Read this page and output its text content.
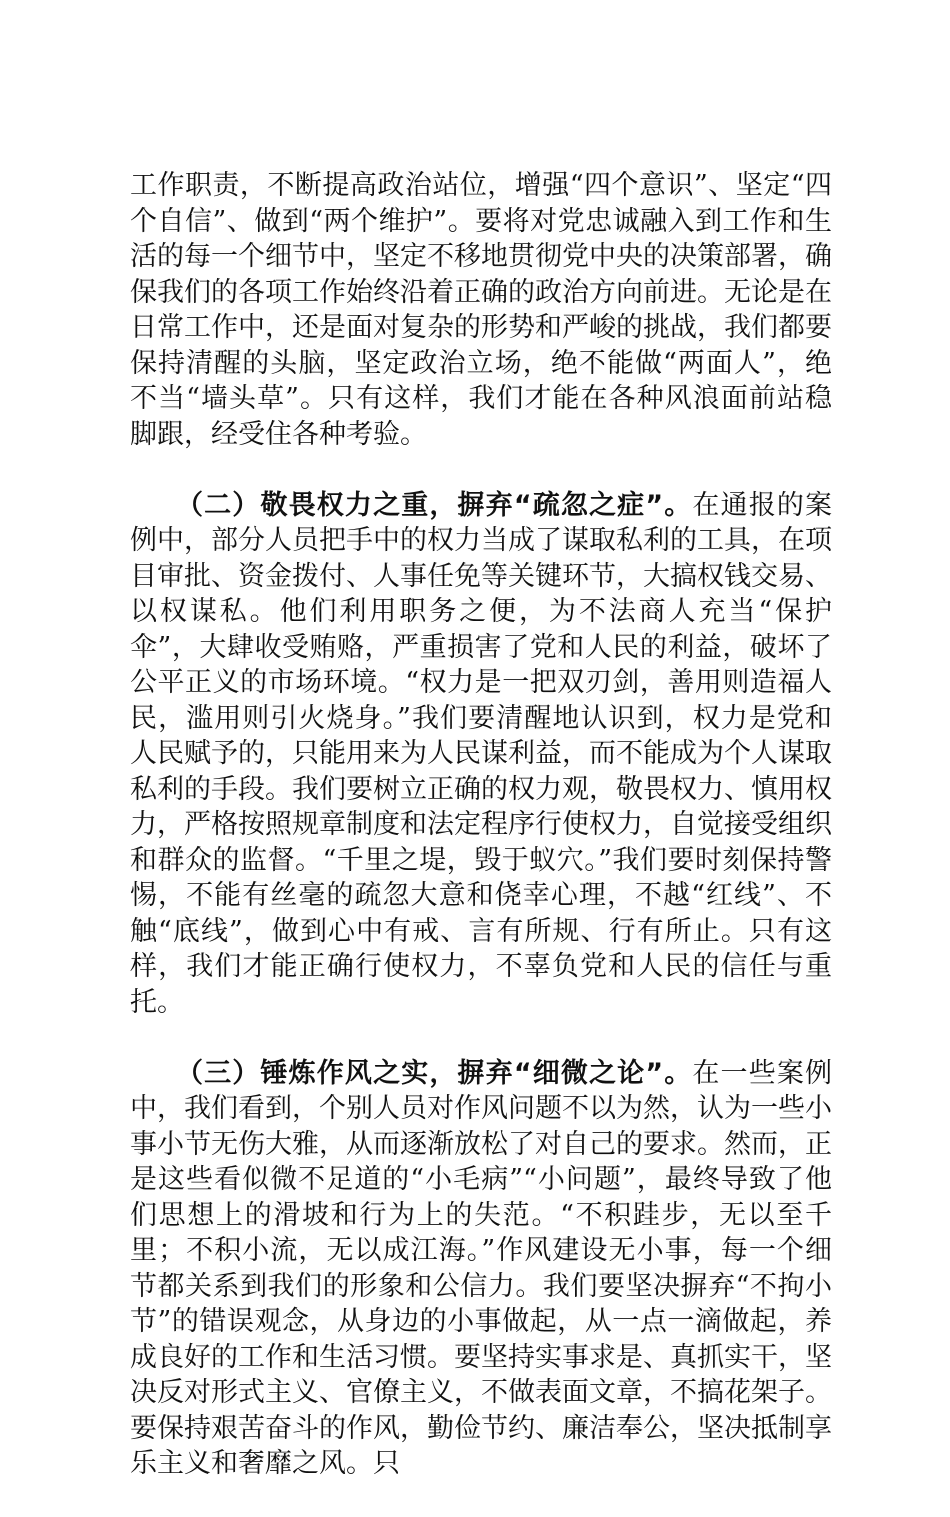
工作职责，不断提高政治站位，增强“四个意识”、坚定“四个自信”、做到“两个维护”。要将对党忠诚融入到工作和生活的每一个细节中，坚定不移地贯彻党中央的决策部署，确保我们的各项工作始终沿着正确的政治方向前进。无论是在日常工作中，还是面对复杂的形势和严峻的挑战，我们都要保持清醒的头脑，坚定政治立场，绝不能做“两面人”，绝不当“墙头草”。只有这样，我们才能在各种风浪面前站稳脚跟，经受住各种考验。

（二）敬畏权力之重，摒弃“疏忽之症”。在通报的案例中，部分人员把手中的权力当成了谋取私利的工具，在项目审批、资金拨付、人事任免等关键环节，大搞权钱交易、以权谋私。他们利用职务之便，为不法商人充当“保护伞”，大肆收受贿赂，严重损害了党和人民的利益，破坏了公平正义的市场环境。“权力是一把双刃剑，善用则造福人民，滥用则引火烧身。”我们要清醒地认识到，权力是党和人民赋予的，只能用来为人民谋利益，而不能成为个人谋取私利的手段。我们要树立正确的权力观，敬畏权力、慎用权力，严格按照规章制度和法定程序行使权力，自觉接受组织和群众的监督。“千里之堤，毁于蚁穴。”我们要时刻保持警惕，不能有丝毫的疏忽大意和侥幸心理，不越“红线”、不触“底线”，做到心中有戒、言有所规、行有所止。只有这样，我们才能正确行使权力，不辜负党和人民的信任与重托。

（三）锤炼作风之实，摒弃“细微之论”。在一些案例中，我们看到，个别人员对作风问题不以为然，认为一些小事小节无伤大雅，从而逐渐放松了对自己的要求。然而，正是这些看似微不足道的“小毛病”“小问题”，最终导致了他们思想上的滑坡和行为上的失范。“不积跬步，无以至千里；不积小流，无以成江海。”作风建设无小事，每一个细节都关系到我们的形象和公信力。我们要坚决摒弃“不拘小节”的错误观念，从身边的小事做起，从一点一滴做起，养成良好的工作和生活习惯。要坚持实事求是、真抓实干，坚决反对形式主义、官僚主义，不做表面文章，不搞花架子。要保持艰苦奋斗的作风，勤俭节约、廉洁奉公，坚决抵制享乐主义和奢靡之风。只
